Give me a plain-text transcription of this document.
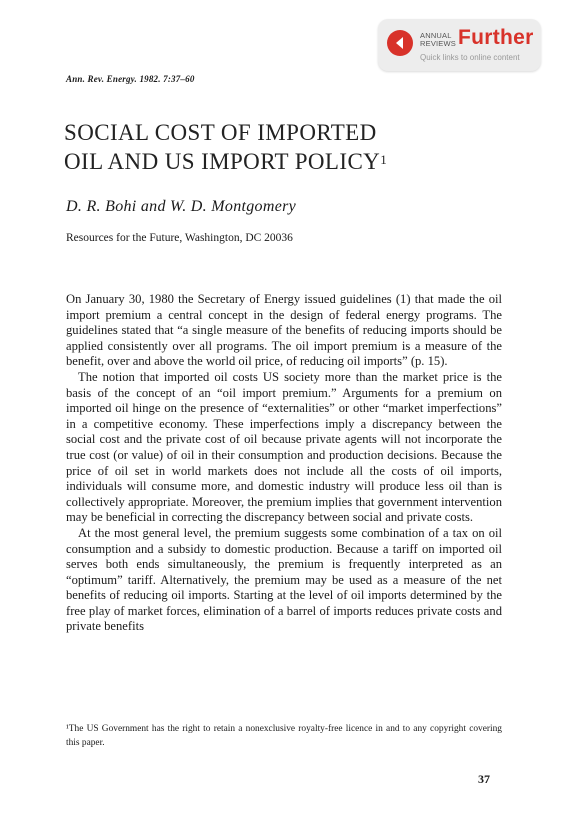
ANNUAL REVIEWS Further
Quick links to online content
Ann. Rev. Energy. 1982. 7:37–60
SOCIAL COST OF IMPORTED
OIL AND US IMPORT POLICY$^1$
D. R. Bohi and W. D. Montgomery
Resources for the Future, Washington, DC 20036

On January 30, 1980 the Secretary of Energy issued guidelines (1) that made the oil import premium a central concept in the design of federal energy programs. The guidelines stated that “a single measure of the benefits of reducing imports should be applied consistently over all programs. The oil import premium is a measure of the benefit, over and above the world oil price, of reducing oil imports” (p. 15).

The notion that imported oil costs US society more than the market price is the basis of the concept of an “oil import premium.” Arguments for a premium on imported oil hinge on the presence of “externalities” or other “market imperfections” in a competitive economy. These imperfections imply a discrepancy between the social cost and the private cost of oil because private agents will not incorporate the true cost (or value) of oil in their consumption and production decisions. Because the price of oil set in world markets does not include all the costs of oil imports, individuals will consume more, and domestic industry will produce less oil than is collectively appropriate. Moreover, the premium implies that government intervention may be beneficial in correcting the discrepancy between social and private costs.

At the most general level, the premium suggests some combination of a tax on oil consumption and a subsidy to domestic production. Because a tariff on imported oil serves both ends simultaneously, the premium is frequently interpreted as an “optimum” tariff. Alternatively, the premium may be used as a measure of the net benefits of reducing oil imports. Starting at the level of oil imports determined by the free play of market forces, elimination of a barrel of imports reduces private costs and private benefits

¹The US Government has the right to retain a nonexclusive royalty-free licence in and to any copyright covering this paper.
37
